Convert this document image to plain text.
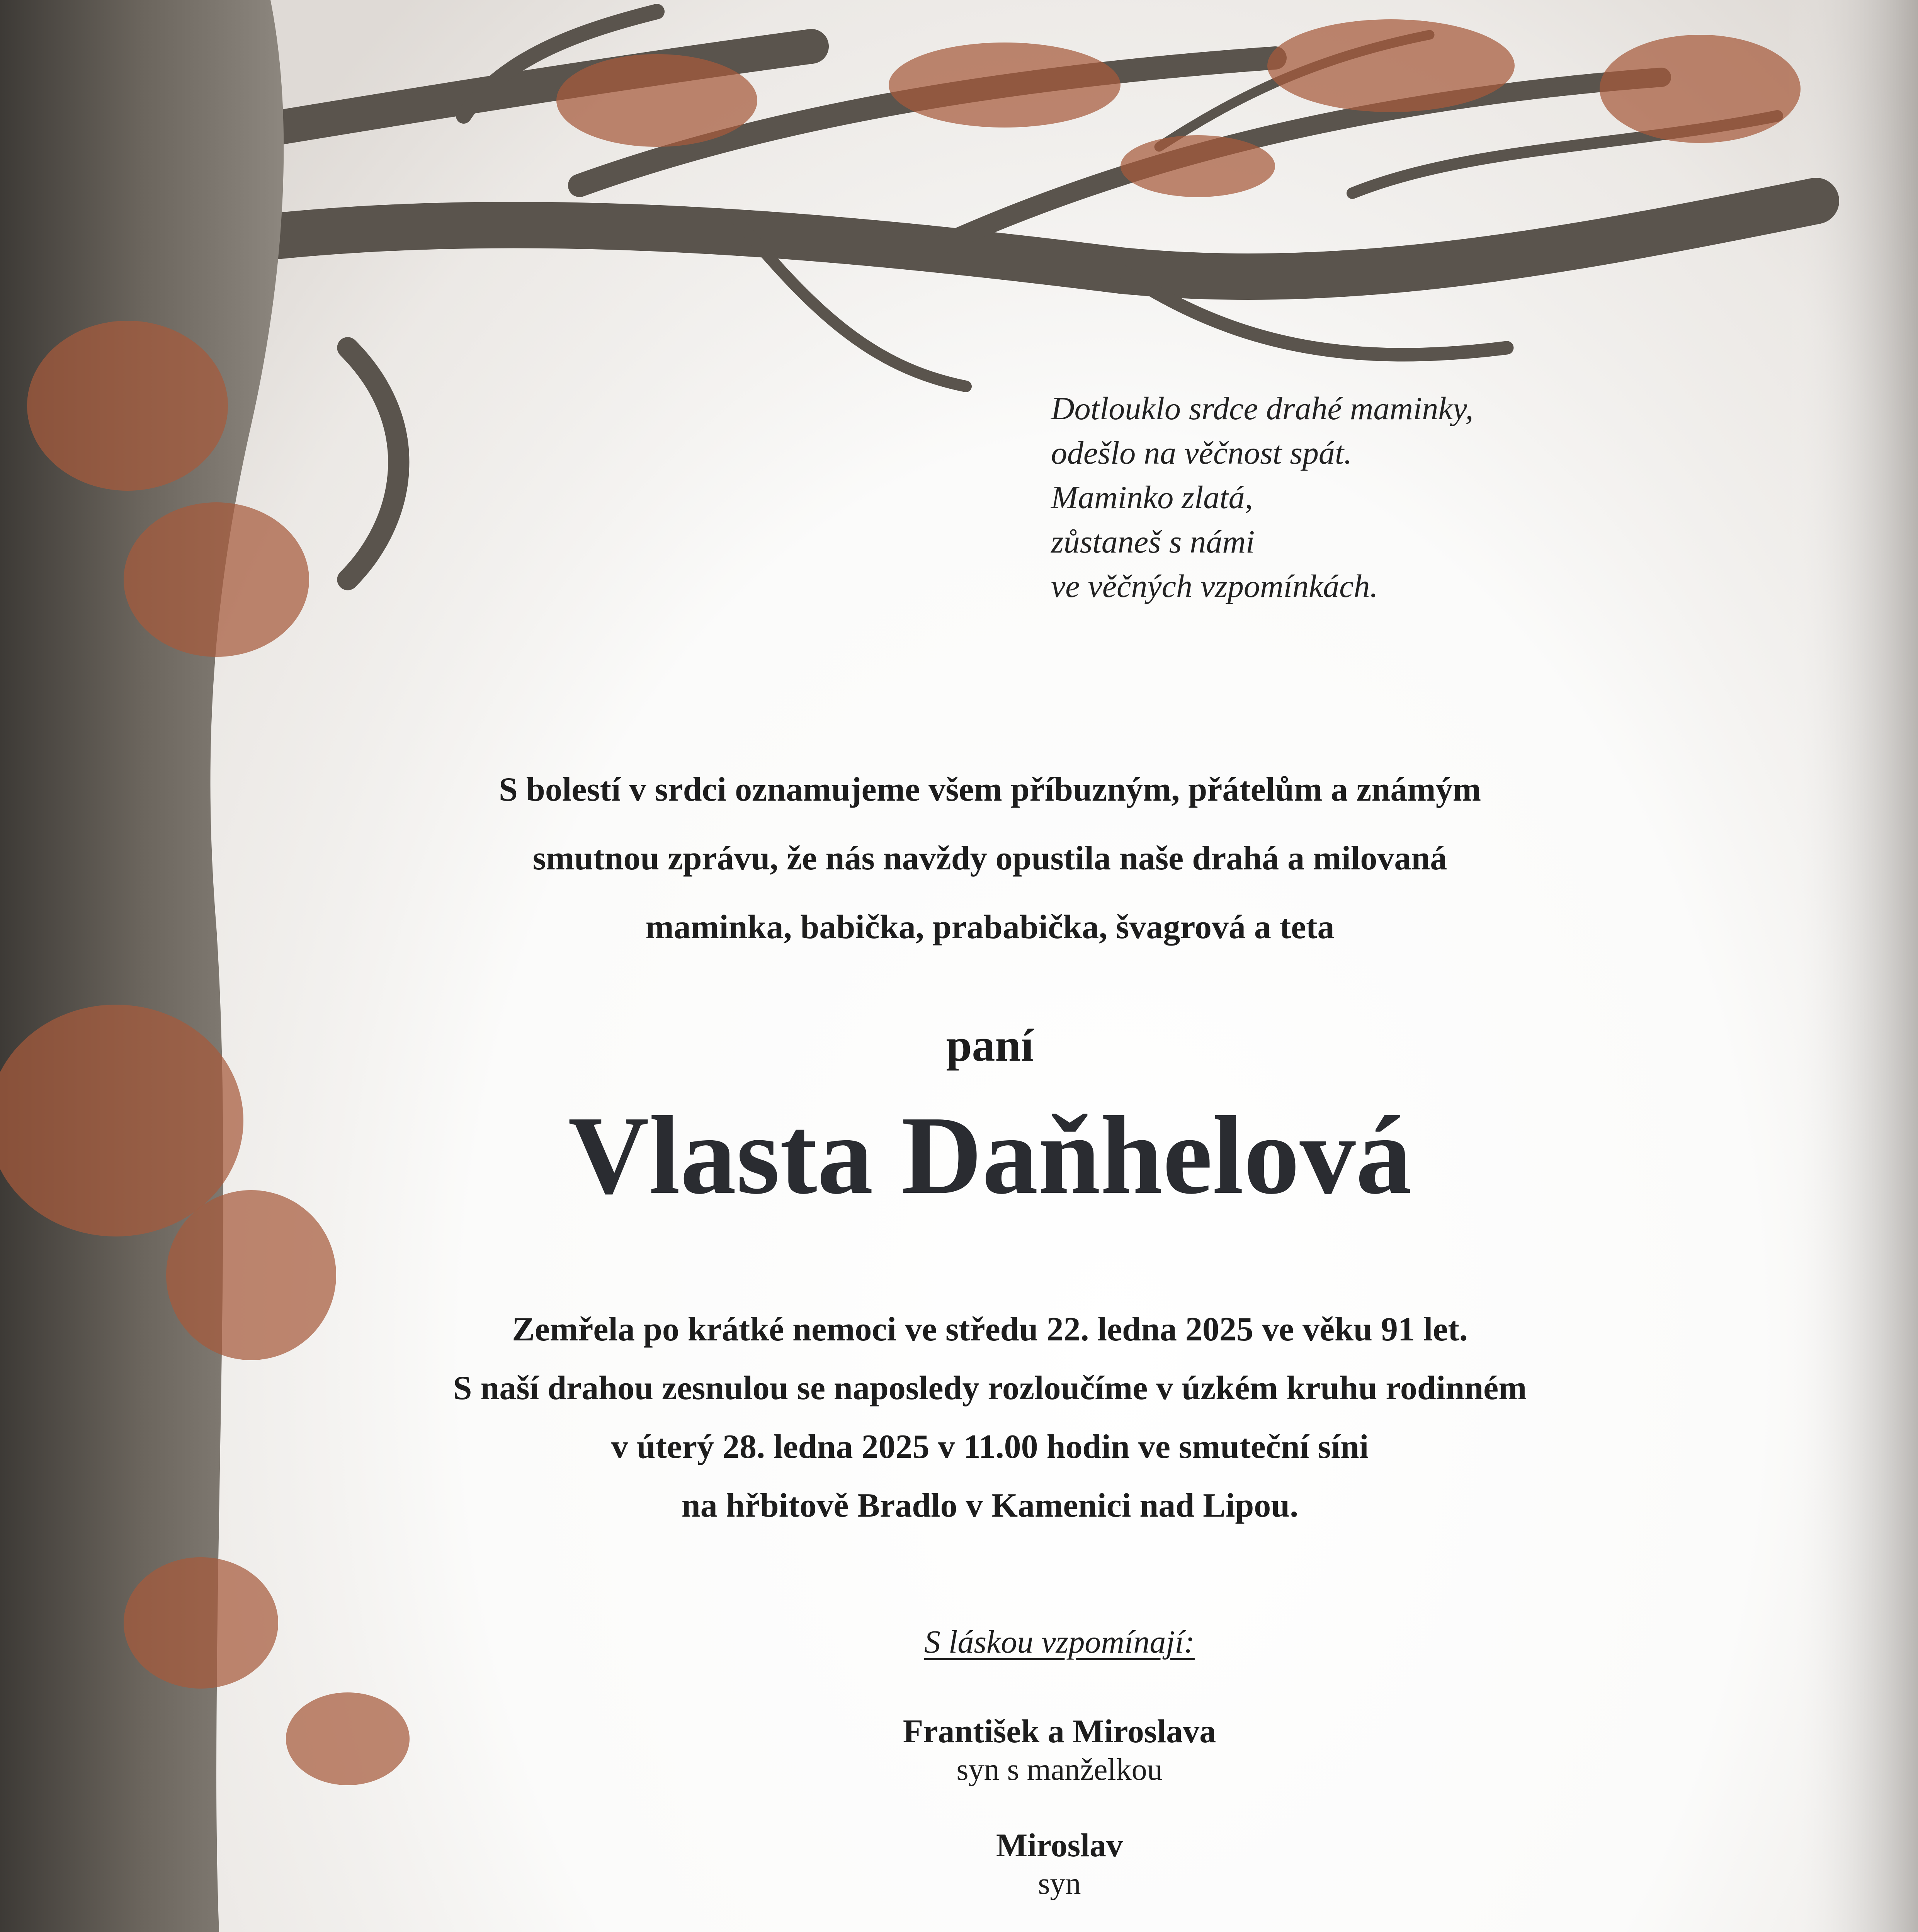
Dotlouklo srdce drahé maminky,
odešlo na věčnost spát.
Maminko zlatá,
zůstaneš s námi
ve věčných vzpomínkách.
S bolestí v srdci oznamujeme všem příbuzným, přátelům a známým
smutnou zprávu, že nás navždy opustila naše drahá a milovaná
maminka, babička, prababička, švagrová a teta
paní
Vlasta Daňhelová
Zemřela po krátké nemoci ve středu 22. ledna 2025 ve věku 91 let.
S naší drahou zesnulou se naposledy rozloučíme v úzkém kruhu rodinném
v úterý 28. ledna 2025 v 11.00 hodin ve smuteční síni
na hřbitově Bradlo v Kamenici nad Lipou.
S láskou vzpomínají:
František a Miroslava
syn s manželkou
Miroslav
syn
